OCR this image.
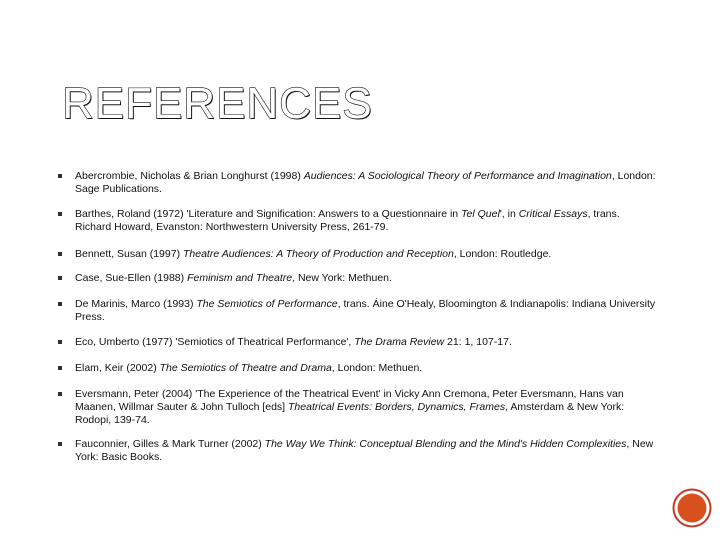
REFERENCES
Abercrombie, Nicholas & Brian Longhurst (1998) Audiences: A Sociological Theory of Performance and Imagination, London: Sage Publications.
Barthes, Roland (1972) 'Literature and Signification: Answers to a Questionnaire in Tel Quel', in Critical Essays, trans. Richard Howard, Evanston: Northwestern University Press, 261-79.
Bennett, Susan (1997) Theatre Audiences: A Theory of Production and Reception, London: Routledge.
Case, Sue-Ellen (1988) Feminism and Theatre, New York: Methuen.
De Marinis, Marco (1993) The Semiotics of Performance, trans. Áine O'Healy, Bloomington & Indianapolis: Indiana University Press.
Eco, Umberto (1977) 'Semiotics of Theatrical Performance', The Drama Review 21: 1, 107-17.
Elam, Keir (2002) The Semiotics of Theatre and Drama, London: Methuen.
Eversmann, Peter (2004) 'The Experience of the Theatrical Event' in Vicky Ann Cremona, Peter Eversmann, Hans van Maanen, Willmar Sauter & John Tulloch [eds] Theatrical Events: Borders, Dynamics, Frames, Amsterdam & New York: Rodopi, 139-74.
Fauconnier, Gilles & Mark Turner (2002) The Way We Think: Conceptual Blending and the Mind's Hidden Complexities, New York: Basic Books.
